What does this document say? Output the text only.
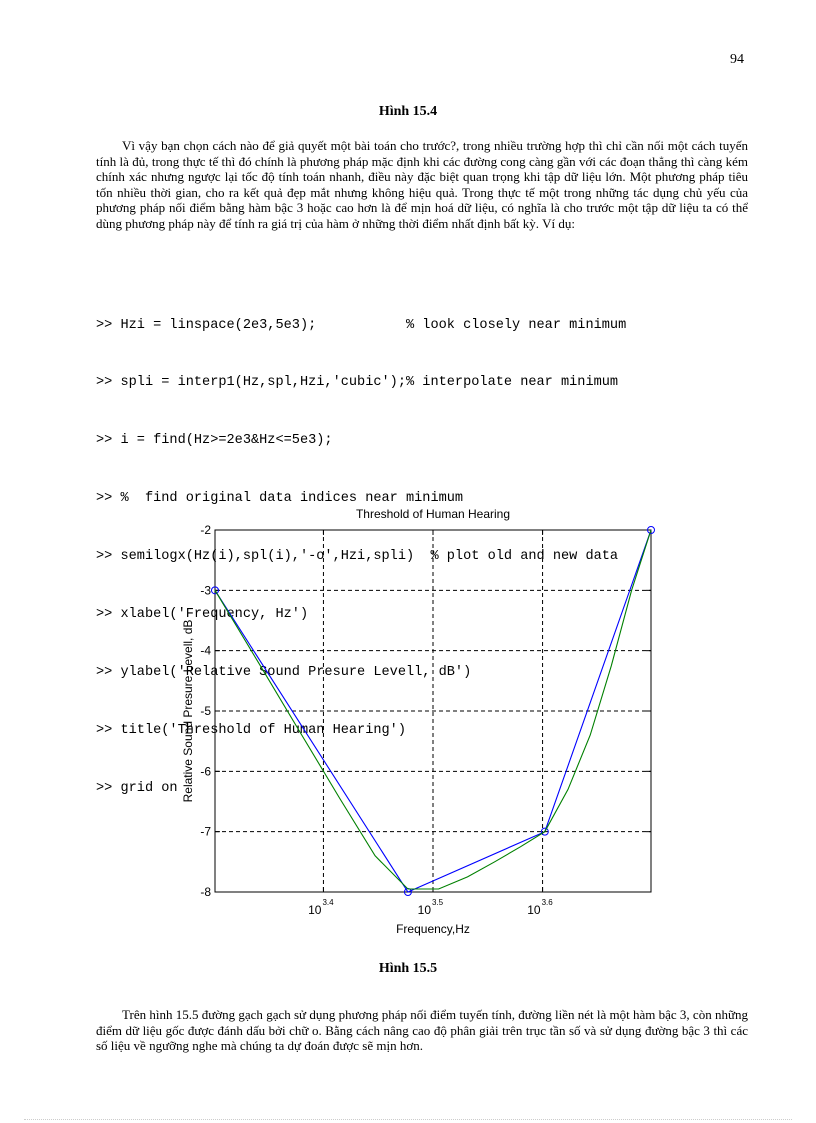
94
Hình 15.4

Vì vậy bạn chọn cách nào để giả quyết một bài toán cho trước?, trong nhiều trường hợp thì chỉ cần nối một cách tuyến tính là đủ, trong thực tế thì đó chính là phương pháp mặc định khi các đường cong càng gần với các đoạn thẳng thì càng kém chính xác nhưng ngược lại tốc độ tính toán nhanh, điều này đặc biệt quan trọng khi tập dữ liệu lớn. Một phương pháp tiêu tốn nhiều thời gian, cho ra kết quả đẹp mắt nhưng không hiệu quả. Trong thực tế một trong những tác dụng chủ yếu của phương pháp nối điểm bằng hàm bậc 3 hoặc cao hơn là để mịn hoá dữ liệu, có nghĩa là cho trước một tập dữ liệu ta có thể dùng phương pháp này để tính ra giá trị của hàm ở những thời điểm nhất định bất kỳ. Ví dụ:

>> Hzi = linspace(2e3,5e3);           % look closely near minimum

>> spli = interp1(Hz,spl,Hzi,'cubic');% interpolate near minimum

>> i = find(Hz>=2e3&Hz<=5e3);

>> %  find original data indices near minimum

>> semilogx(Hz(i),spl(i),'-o',Hzi,spli)  % plot old and new data

>> xlabel('Frequency, Hz')

>> ylabel('Relative Sound Presure Levell, dB')

>> title('Threshold of Human Hearing')

>> grid on

-2
-3
-4
-5
-6
-7
-8
10
3.4
10
3.5
10
3.6
Threshold of Human Hearing
Frequency,Hz
Relative Sound Presure Levell, dB
Hình 15.5

Trên hình 15.5 đường gạch gạch sử dụng phương pháp nối điểm tuyến tính, đường liền nét là một hàm bậc 3, còn những điểm dữ liệu gốc được đánh dấu bởi chữ o. Bằng cách nâng cao độ phân giải trên trục tần số và sử dụng đường bậc 3 thì các số liệu về ngưỡng nghe mà chúng ta dự đoán được sẽ mịn hơn.
